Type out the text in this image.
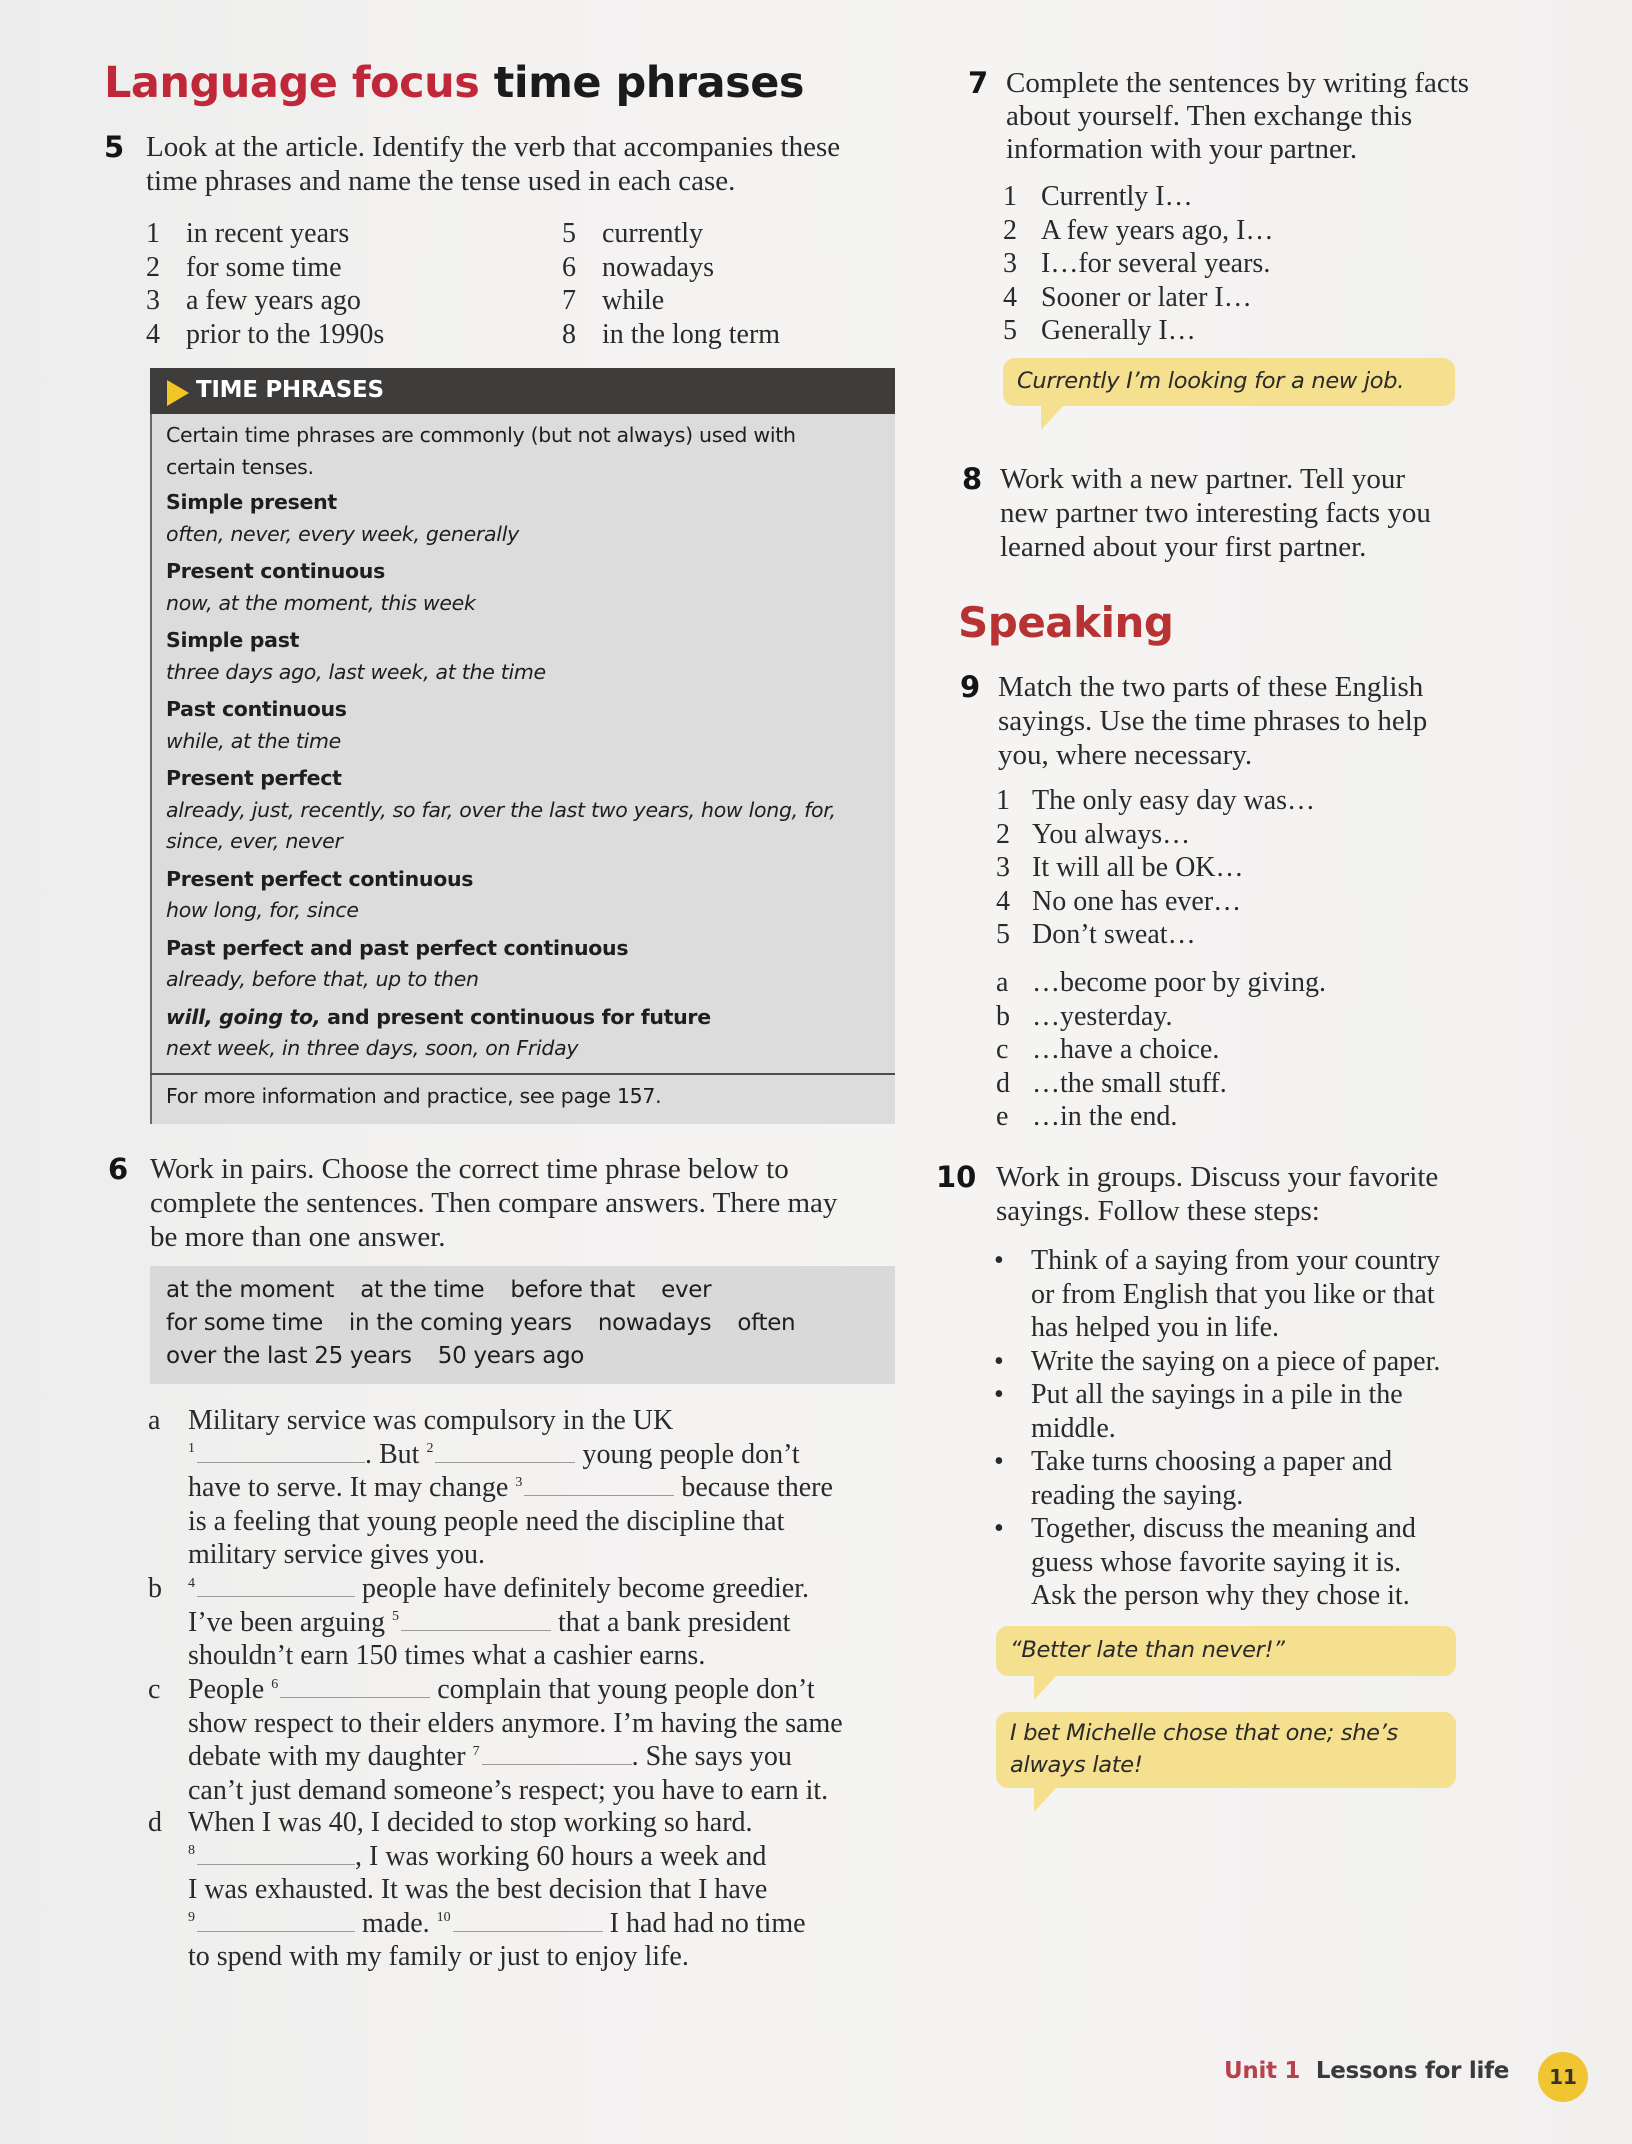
Language focus time phrases
5 Look at the article. Identify the verb that accompanies these
time phrases and name the tense used in each case.
1 in recent years
2 for some time
3 a few years ago
4 prior to the 1990s
5 currently
6 nowadays
7 while
8 in the long term
TIME PHRASES
Certain time phrases are commonly (but not always) used with
certain tenses.
Simple present
often, never, every week, generally
Present continuous
now, at the moment, this week
Simple past
three days ago, last week, at the time
Past continuous
while, at the time
Present perfect
already, just, recently, so far, over the last two years, how long, for,
since, ever, never
Present perfect continuous
how long, for, since
Past perfect and past perfect continuous
already, before that, up to then
will, going to, and present continuous for future
next week, in three days, soon, on Friday
For more information and practice, see page 157.
6 Work in pairs. Choose the correct time phrase below to
complete the sentences. Then compare answers. There may
be more than one answer.
at the moment at the time before that ever
for some time in the coming years nowadays often
over the last 25 years 50 years ago
a Military service was compulsory in the UK
$^1$	. But $^2$	young people don’t
have to serve. It may change $^3$	because there
is a feeling that young people need the discipline that
military service gives you.
b $^4$	people have definitely become greedier.
I’ve been arguing $^5$	that a bank president
shouldn’t earn 150 times what a cashier earns.
c People $^6$	complain that young people don’t
show respect to their elders anymore. I’m having the same
debate with my daughter $^7$	. She says you
can’t just demand someone’s respect; you have to earn it.
d When I was 40, I decided to stop working so hard.
$^8$	, I was working 60 hours a week and
I was exhausted. It was the best decision that I have
$^9$	made. $^{10}$	I had had no time
to spend with my family or just to enjoy life.
7 Complete the sentences by writing facts
about yourself. Then exchange this
information with your partner.
1 Currently I…
2 A few years ago, I…
3 I…for several years.
4 Sooner or later I…
5 Generally I…
Currently I’m looking for a new job.
8 Work with a new partner. Tell your
new partner two interesting facts you
learned about your first partner.
Speaking
9 Match the two parts of these English
sayings. Use the time phrases to help
you, where necessary.
1 The only easy day was…
2 You always…
3 It will all be OK…
4 No one has ever…
5 Don’t sweat…
a …become poor by giving.
b …yesterday.
c …have a choice.
d …the small stuff.
e …in the end.
10 Work in groups. Discuss your favorite
sayings. Follow these steps:
• Think of a saying from your country
or from English that you like or that
has helped you in life.
• Write the saying on a piece of paper.
• Put all the sayings in a pile in the
middle.
• Take turns choosing a paper and
reading the saying.
• Together, discuss the meaning and
guess whose favorite saying it is.
Ask the person why they chose it.
“Better late than never!”
I bet Michelle chose that one; she’s
always late!
Unit 1 Lessons for life	11
